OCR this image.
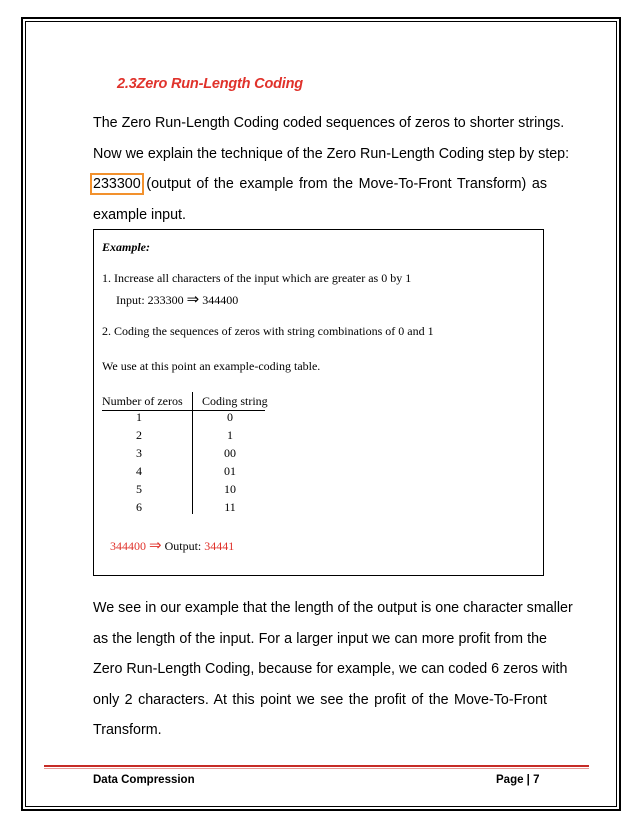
2.3Zero Run-Length Coding
The Zero Run-Length Coding coded sequences of zeros to shorter strings.
Now we explain the technique of the Zero Run-Length Coding step by step:
233300 (output of the example from the Move-To-Front Transform) as
example input.
Example:
1. Increase all characters of the input which are greater as 0 by 1
Input: 233300 ⇒ 344400
2. Coding the sequences of zeros with string combinations of 0 and 1
We use at this point an example-coding table.
Number of zeros Coding string
1	0
2	1
3	00
4	01
5	10
6	11
344400 ⇒ Output: 34441
We see in our example that the length of the output is one character smaller
as the length of the input. For a larger input we can more profit from the
Zero Run-Length Coding, because for example, we can coded 6 zeros with
only 2 characters. At this point we see the profit of the Move-To-Front
Transform.
Data Compression	Page | 7
